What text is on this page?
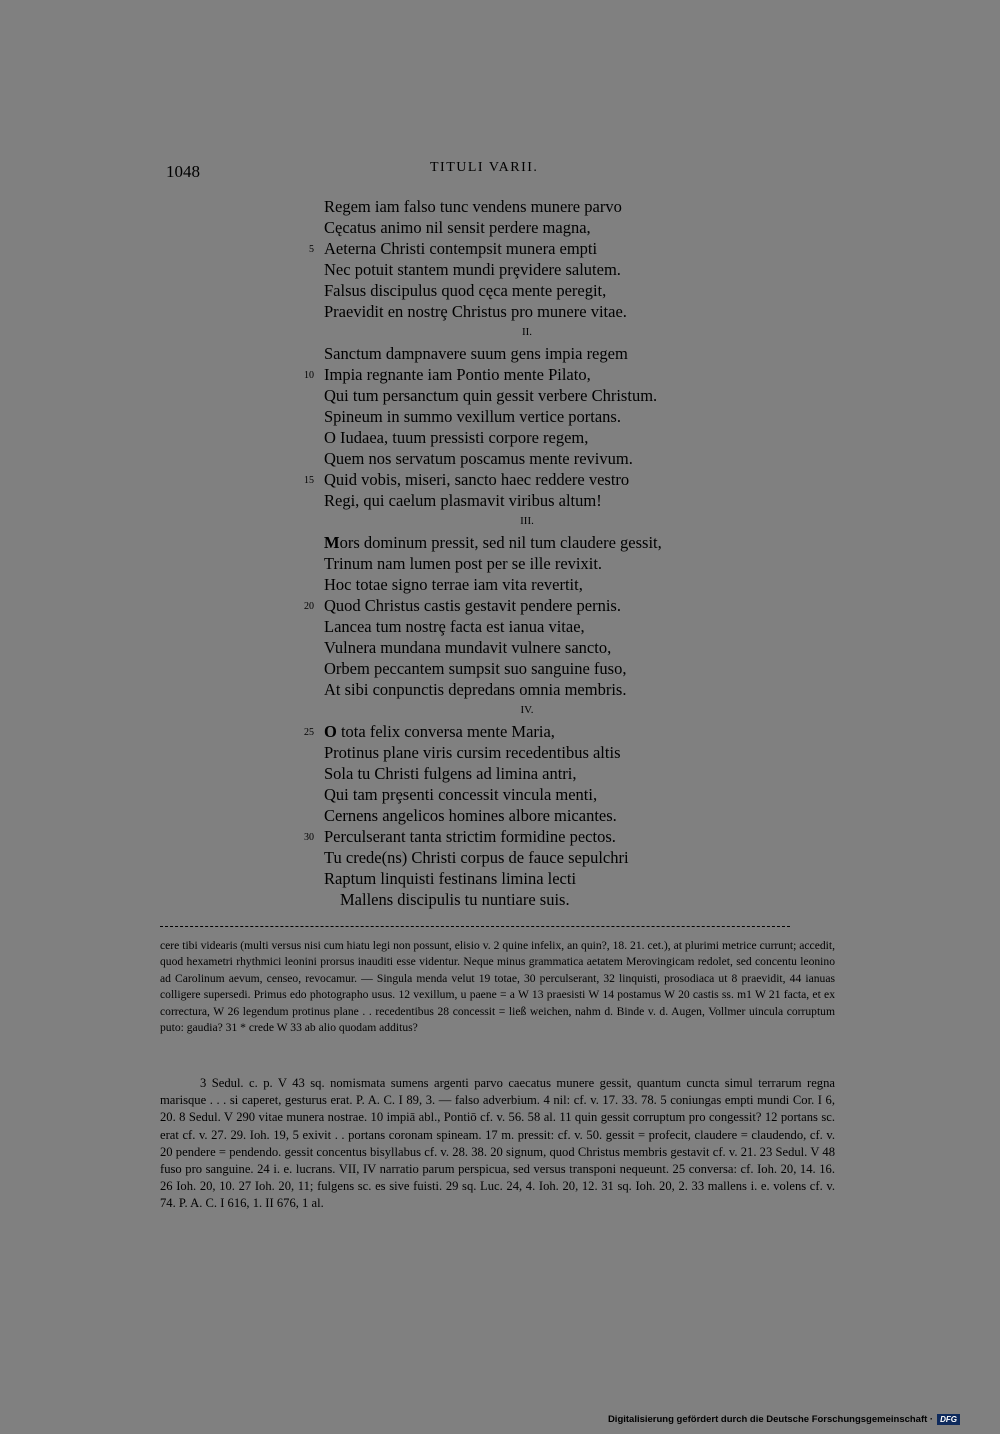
1048	TITULI VARII.
Regem iam falso tunc vendens munere parvo
Cęcatus animo nil sensit perdere magna,
5 Aeterna Christi contempsit munera empti
Nec potuit stantem mundi prȩvidere salutem.
Falsus discipulus quod cęca mente peregit,
Praevidit en nostrȩ Christus pro munere vitae.
II.
Sanctum dampnavere suum gens impia regem
10 Impia regnante iam Pontio mente Pilato,
Qui tum persanctum quin gessit verbere Christum.
Spineum in summo vexillum vertice portans.
O Iudaea, tuum pressisti corpore regem,
Quem nos servatum poscamus mente revivum.
15 Quid vobis, miseri, sancto haec reddere vestro
Regi, qui caelum plasmavit viribus altum!
III.
Mors dominum pressit, sed nil tum claudere gessit,
Trinum nam lumen post per se ille revixit.
Hoc totae signo terrae iam vita revertit,
20 Quod Christus castis gestavit pendere pernis.
Lancea tum nostrȩ facta est ianua vitae,
Vulnera mundana mundavit vulnere sancto,
Orbem peccantem sumpsit suo sanguine fuso,
At sibi conpunctis depredans omnia membris.
IV.
25 O tota felix conversa mente Maria,
Protinus plane viris cursim recedentibus altis
Sola tu Christi fulgens ad limina antri,
Qui tam prȩsenti concessit vincula menti,
Cernens angelicos homines albore micantes.
30 Perculserant tanta strictim formidine pectos.
Tu crede(ns) Christi corpus de fauce sepulchri
Raptum linquisti festinans limina lecti
Mallens discipulis tu nuntiare suis.

cere tibi videaris (multi versus nisi cum hiatu legi non possunt, elisio v. 2 quine infelix, an quin?, 18. 21. cet.), at plurimi metrice currunt; accedit, quod hexametri rhythmici leonini prorsus inauditi esse videntur. Neque minus grammatica aetatem Merovingicam redolet, sed concentu leonino ad Carolinum aevum, censeo, revocamur. — Singula menda velut 19 totae, 30 perculserant, 32 linquisti, prosodiaca ut 8 praevidit, 44 ianuas colligere supersedi. Primus edo photographo usus. 12 vexillum, u paene = a W 13 praesisti W 14 postamus W 20 castis ss. m1 W 21 facta, et ex correctura, W 26 legendum protinus plane . . recedentibus 28 concessit = ließ weichen, nahm d. Binde v. d. Augen, Vollmer uincula corruptum puto: gaudia? 31 * crede W 33 ab alio quodam additus?

3 Sedul. c. p. V 43 sq. nomismata sumens argenti parvo caecatus munere gessit, quantum cuncta simul terrarum regna marisque . . . si caperet, gesturus erat. P. A. C. I 89, 3. — falso adverbium. 4 nil: cf. v. 17. 33. 78. 5 coniungas empti mundi Cor. I 6, 20. 8 Sedul. V 290 vitae munera nostrae. 10 impiā abl., Pontiō cf. v. 56. 58 al. 11 quin gessit corruptum pro congessit? 12 portans sc. erat cf. v. 27. 29. Ioh. 19, 5 exivit . . portans coronam spineam. 17 m. pressit: cf. v. 50. gessit = profecit, claudere = claudendo, cf. v. 20 pendere = pendendo. gessit concentus bisyllabus cf. v. 28. 38. 20 signum, quod Christus membris gestavit cf. v. 21. 23 Sedul. V 48 fuso pro sanguine. 24 i. e. lucrans. VII, IV narratio parum perspicua, sed versus transponi nequeunt. 25 conversa: cf. Ioh. 20, 14. 16. 26 Ioh. 20, 10. 27 Ioh. 20, 11; fulgens sc. es sive fuisti. 29 sq. Luc. 24, 4. Ioh. 20, 12. 31 sq. Ioh. 20, 2. 33 mallens i. e. volens cf. v. 74. P. A. C. I 616, 1. II 676, 1 al.

Digitalisierung gefördert durch die Deutsche Forschungsgemeinschaft · DFG
